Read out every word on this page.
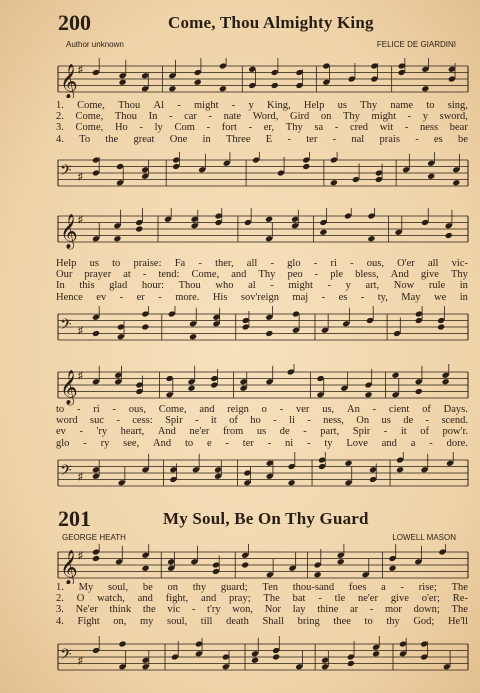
200	Come, Thou Almighty King
Author unknown	FELICE DE GIARDINI
𝄞 ♯
1. Come, Thou Al - might - y King, Help us Thy name to sing,
2. Come, Thou In - car - nate Word, Gird on Thy might - y sword,
3. Come, Ho - ly Com - fort - er, Thy sa - cred wit - ness bear
4. To the great One in Three E - ter - nal prais - es be
𝄢 ♯
𝄞 ♯
Help us to praise: Fa - ther, all - glo - ri - ous, O'er all vic-
Our prayer at - tend: Come, and Thy peo - ple bless, And give Thy
In this glad hour: Thou who al - might - y art, Now rule in
Hence ev - er - more. His sov'reign maj - es - ty, May we in
𝄢 ♯
𝄞 ♯
to - ri - ous, Come, and reign o - ver us, An - cient of Days.
word suc - cess: Spir - it of ho - li - ness, On us de - scend.
ev - 'ry heart, And ne'er from us de - part, Spir - it of pow'r.
glo - ry see, And to e - ter - ni - ty Love and a - dore.
𝄢 ♯
201	My Soul, Be On Thy Guard
GEORGE HEATH	LOWELL MASON
𝄞 ♯
1. My soul, be on thy guard; Ten thou-sand foes a - rise; The
2. O watch, and fight, and pray; The bat - tle ne'er give o'er; Re-
3. Ne'er think the vic - t'ry won, Nor lay thine ar - mor down; The
4. Fight on, my soul, till death Shall bring thee to thy God; He'll
𝄢 ♯
